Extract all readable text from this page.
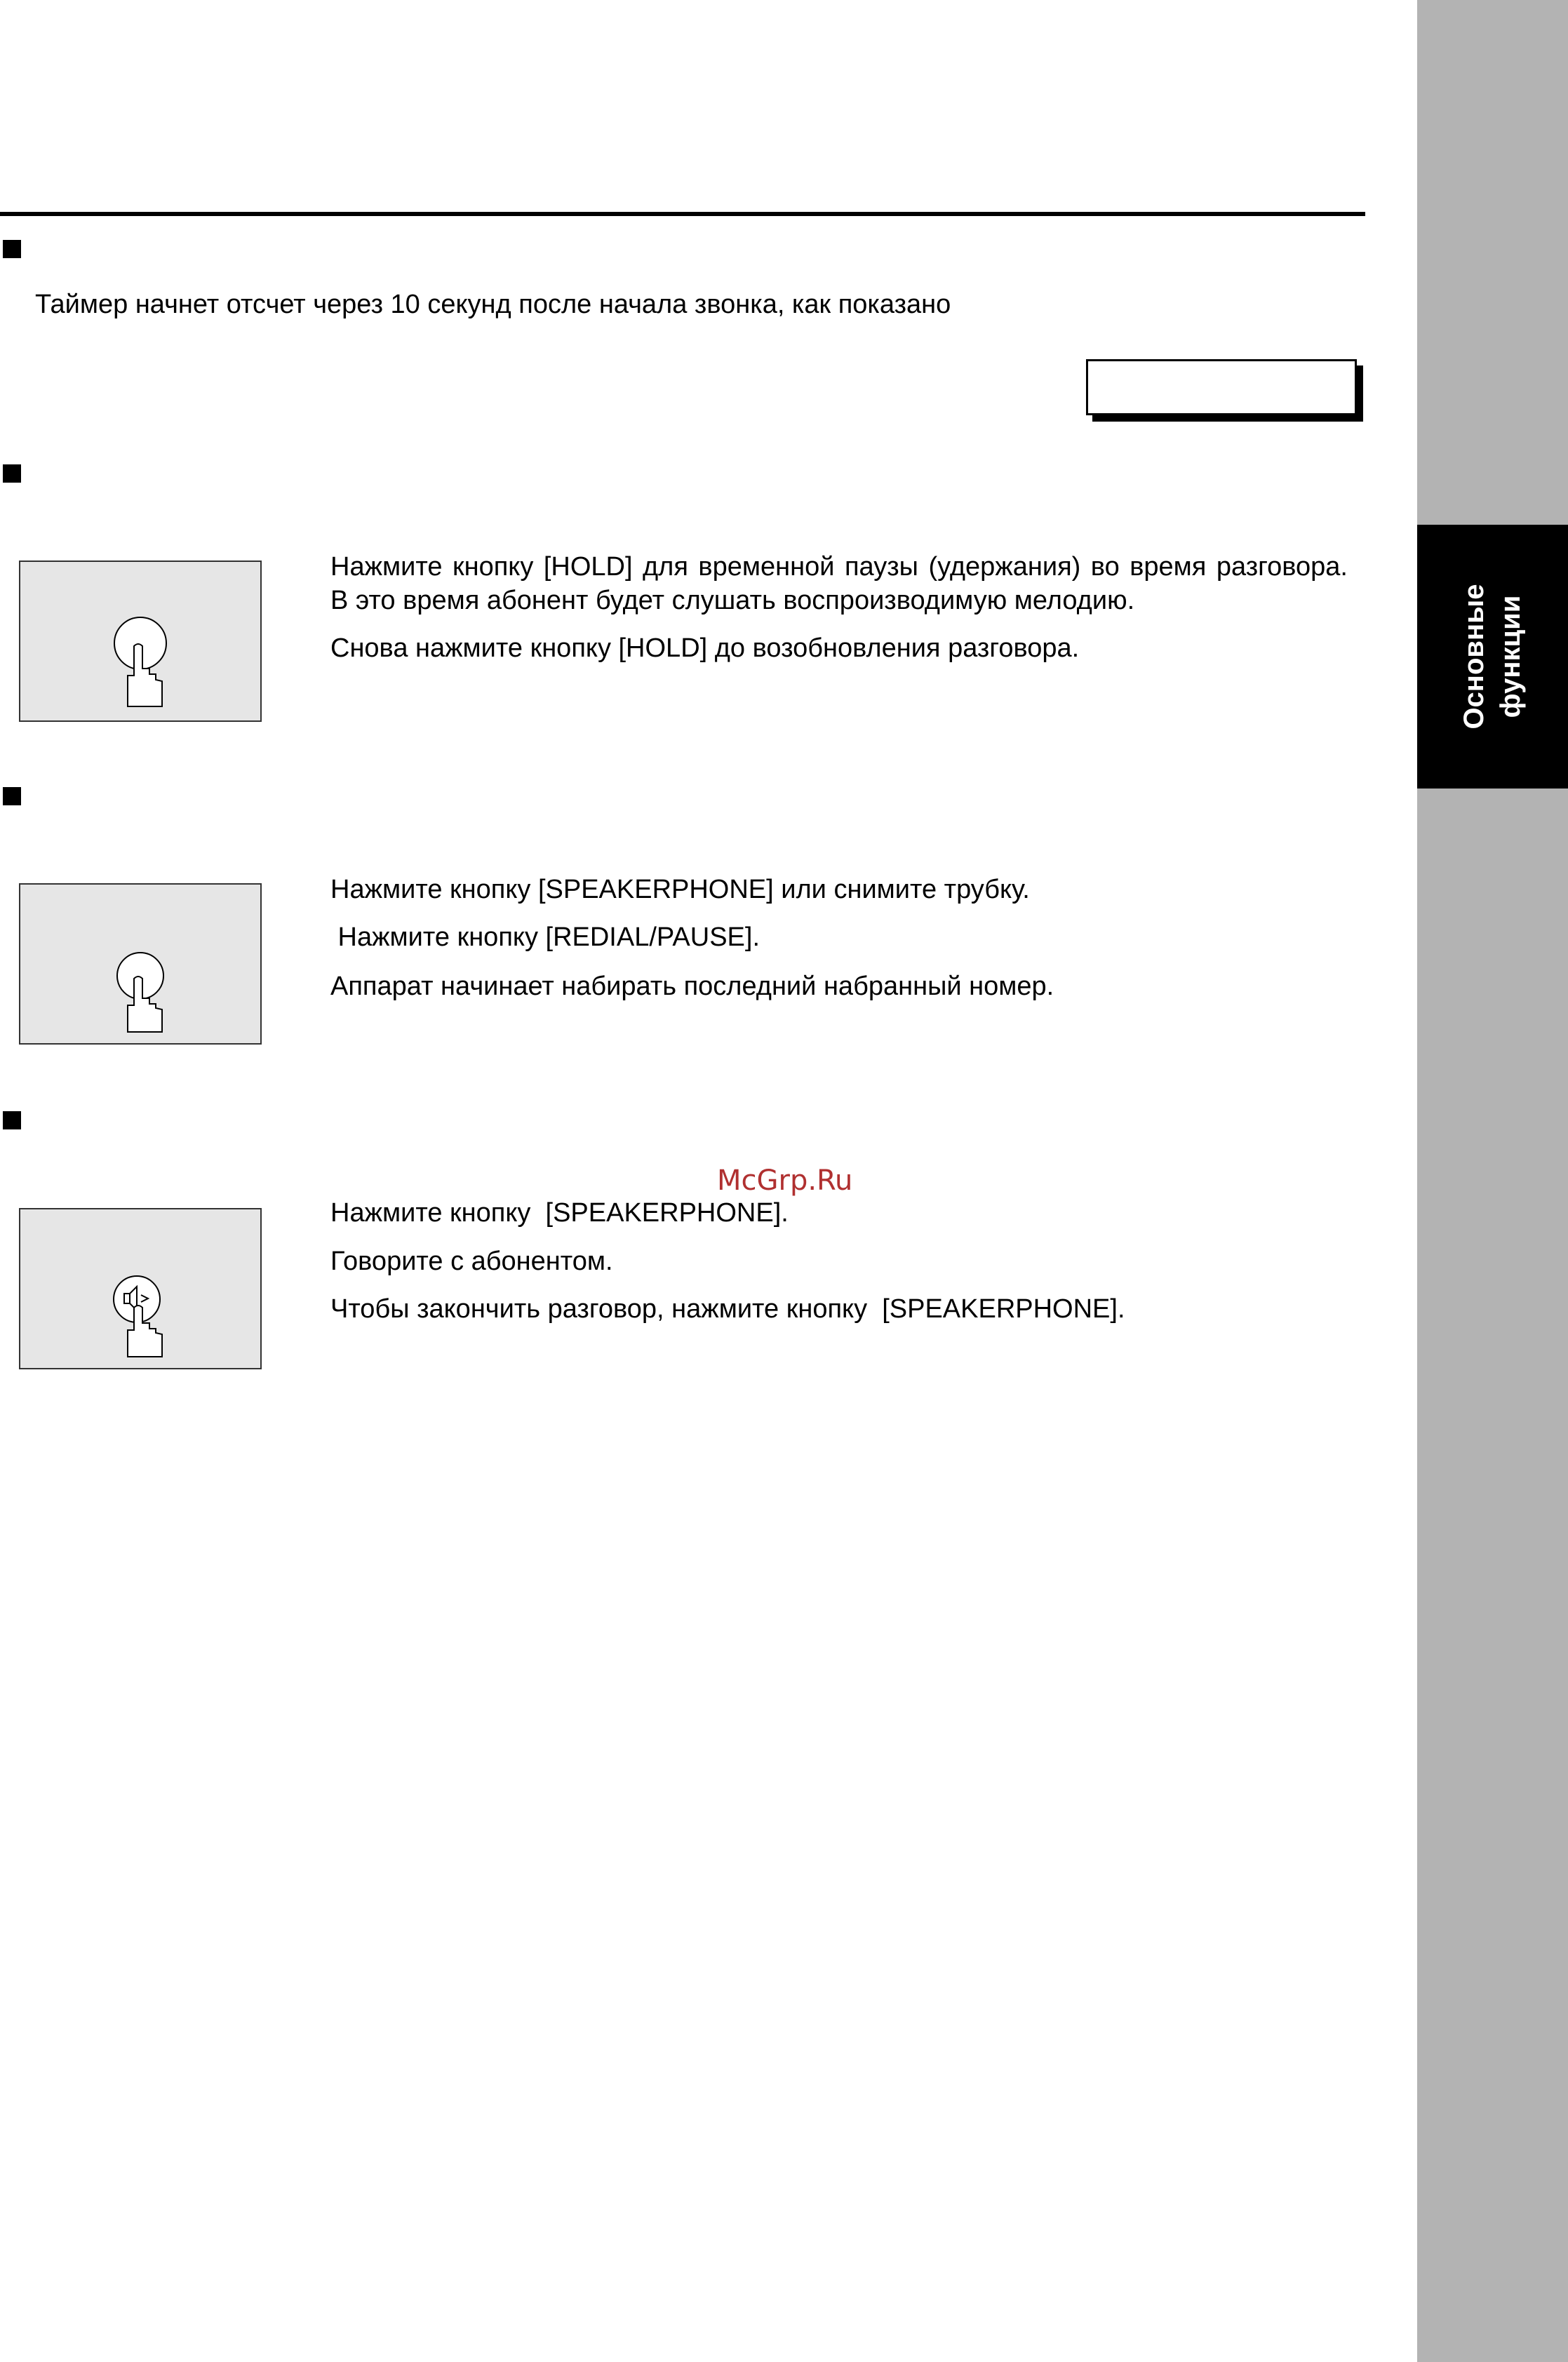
Основные
функции
Таймер начнет отсчет через 10 секунд после начала звонка, как показано
Нажмите кнопку [HOLD] для временной паузы (удержания) во время разговора. В это время абонент будет слушать воспроизводимую мелодию.
Снова нажмите кнопку [HOLD] до возобновления разговора.
Нажмите кнопку [SPEAKERPHONE] или снимите трубку.
Нажмите кнопку [REDIAL/PAUSE].
Аппарат начинает набирать последний набранный номер.
McGrp.Ru
Нажмите кнопку  [SPEAKERPHONE].
Говорите с абонентом.
Чтобы закончить разговор, нажмите кнопку  [SPEAKERPHONE].
